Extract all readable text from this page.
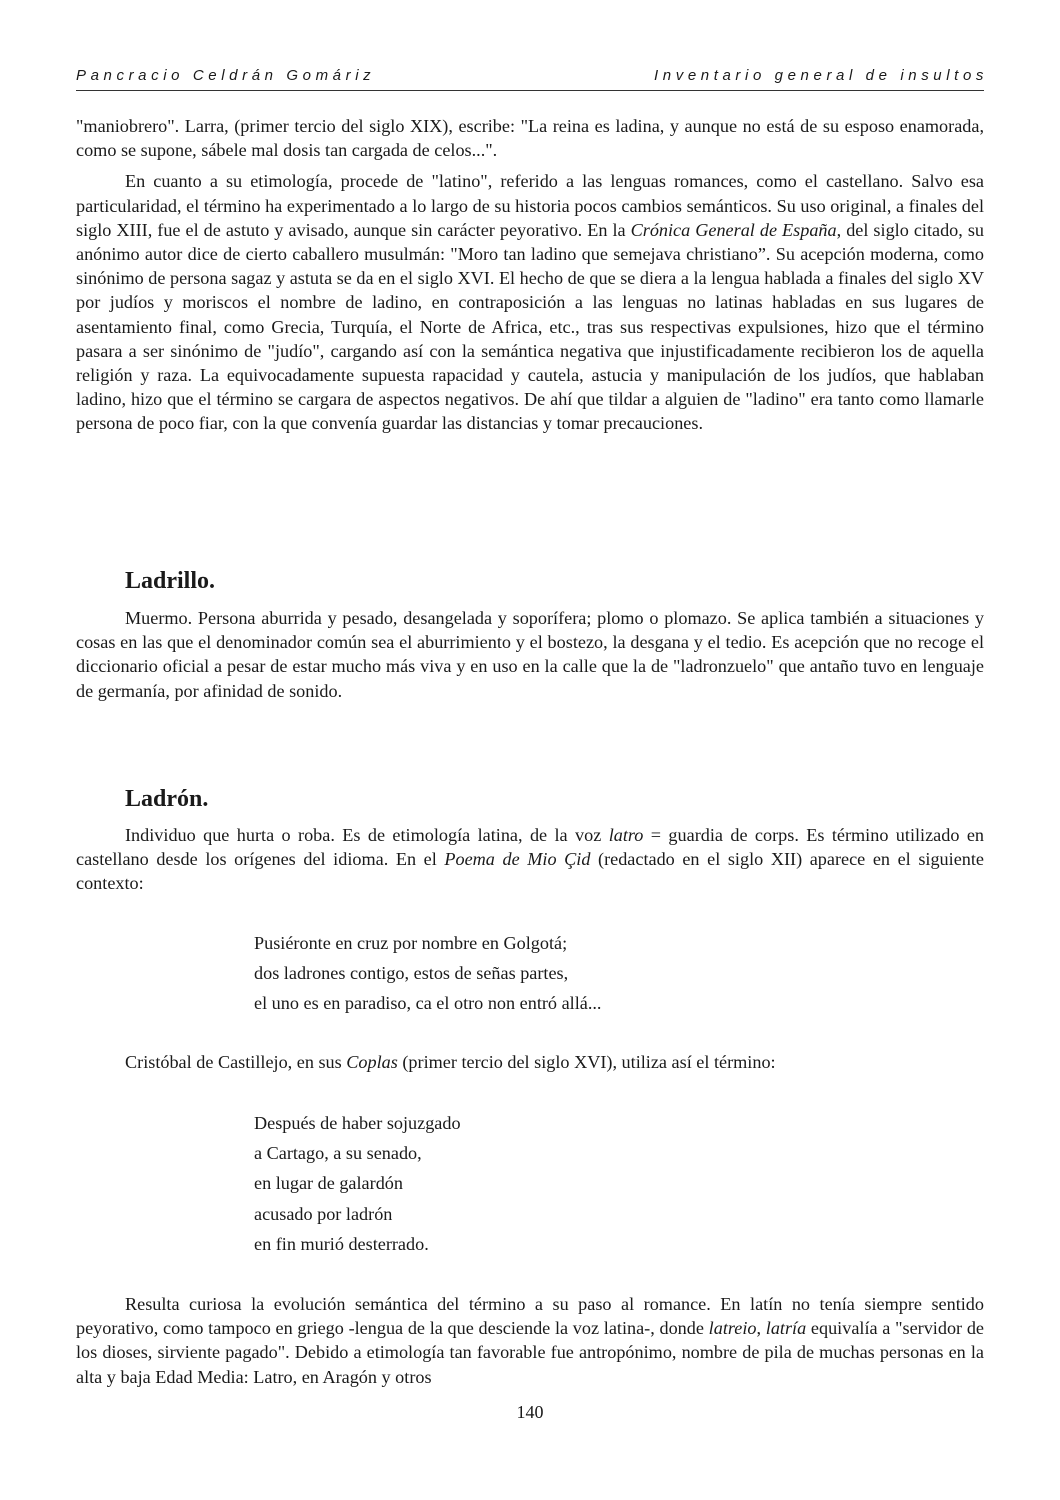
Pancracio Celdrán Gomáriz	Inventario general de insultos

"maniobrero". Larra, (primer tercio del siglo XIX), escribe: "La reina es ladina, y aunque no está de su esposo enamorada, como se supone, sábele mal dosis tan cargada de celos...".

En cuanto a su etimología, procede de "latino", referido a las lenguas romances, como el castellano. Salvo esa particularidad, el término ha experimentado a lo largo de su historia pocos cambios semánticos. Su uso original, a finales del siglo XIII, fue el de astuto y avisado, aunque sin carácter peyorativo. En la Crónica General de España, del siglo citado, su anónimo autor dice de cierto caballero musulmán: "Moro tan ladino que semejava christiano”. Su acepción moderna, como sinónimo de persona sagaz y astuta se da en el siglo XVI. El hecho de que se diera a la lengua hablada a finales del siglo XV por judíos y moriscos el nombre de ladino, en contraposición a las lenguas no latinas habladas en sus lugares de asentamiento final, como Grecia, Turquía, el Norte de Africa, etc., tras sus respectivas expulsiones, hizo que el término pasara a ser sinónimo de "judío", cargando así con la semántica negativa que injustificadamente recibieron los de aquella religión y raza. La equivocadamente supuesta rapacidad y cautela, astucia y manipulación de los judíos, que hablaban ladino, hizo que el término se cargara de aspectos negativos. De ahí que tildar a alguien de "ladino" era tanto como llamarle persona de poco fiar, con la que convenía guardar las distancias y tomar precauciones.

Ladrillo.

Muermo. Persona aburrida y pesado, desangelada y soporífera; plomo o plomazo. Se aplica también a situaciones y cosas en las que el denominador común sea el aburrimiento y el bostezo, la desgana y el tedio. Es acepción que no recoge el diccionario oficial a pesar de estar mucho más viva y en uso en la calle que la de "ladronzuelo" que antaño tuvo en lenguaje de germanía, por afinidad de sonido.

Ladrón.

Individuo que hurta o roba. Es de etimología latina, de la voz latro = guardia de corps. Es término utilizado en castellano desde los orígenes del idioma. En el Poema de Mio Çid (redactado en el siglo XII) aparece en el siguiente contexto:

Pusiéronte en cruz por nombre en Golgotá;
dos ladrones contigo, estos de señas partes,
el uno es en paradiso, ca el otro non entró allá...
Cristóbal de Castillejo, en sus Coplas (primer tercio del siglo XVI), utiliza así el término:
Después de haber sojuzgado
a Cartago, a su senado,
en lugar de galardón
acusado por ladrón
en fin murió desterrado.

Resulta curiosa la evolución semántica del término a su paso al romance. En latín no tenía siempre sentido peyorativo, como tampoco en griego -lengua de la que desciende la voz latina-, donde latreio, latría equivalía a "servidor de los dioses, sirviente pagado". Debido a etimología tan favorable fue antropónimo, nombre de pila de muchas personas en la alta y baja Edad Media: Latro, en Aragón y otros

140
